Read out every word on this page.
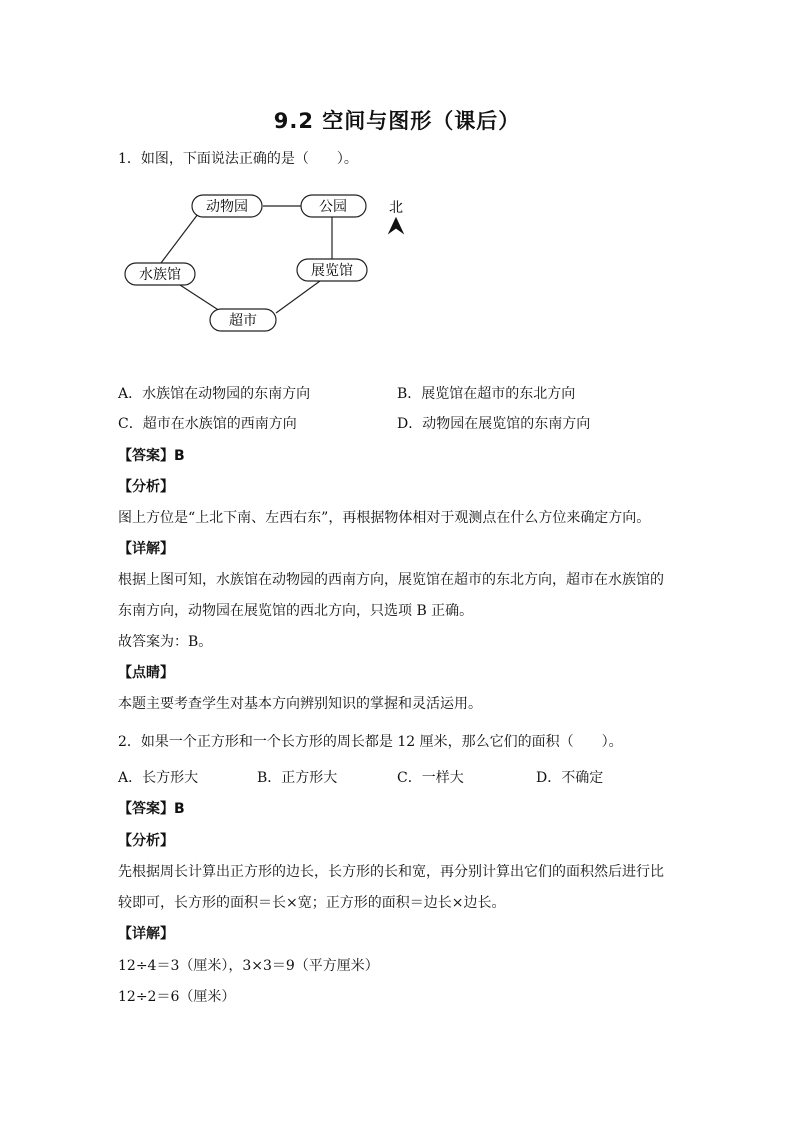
9.2 空间与图形（课后）
1．如图，下面说法正确的是（　　）。
动物园	公园
水族馆	展览馆
超市
北
A．水族馆在动物园的东南方向	B．展览馆在超市的东北方向
C．超市在水族馆的西南方向	D．动物园在展览馆的东南方向
【答案】B
【分析】
图上方位是“上北下南、左西右东”，再根据物体相对于观测点在什么方位来确定方向。
【详解】
根据上图可知，水族馆在动物园的西南方向，展览馆在超市的东北方向，超市在水族馆的
东南方向，动物园在展览馆的西北方向，只选项 B 正确。
故答案为：B。
【点睛】
本题主要考查学生对基本方向辨别知识的掌握和灵活运用。
2．如果一个正方形和一个长方形的周长都是 12 厘米，那么它们的面积（　　）。
A．长方形大	B．正方形大	C．一样大	D．不确定
【答案】B
【分析】
先根据周长计算出正方形的边长，长方形的长和宽，再分别计算出它们的面积然后进行比
较即可，长方形的面积＝长×宽；正方形的面积＝边长×边长。
【详解】
12÷4＝3（厘米），3×3＝9（平方厘米）
12÷2＝6（厘米）
